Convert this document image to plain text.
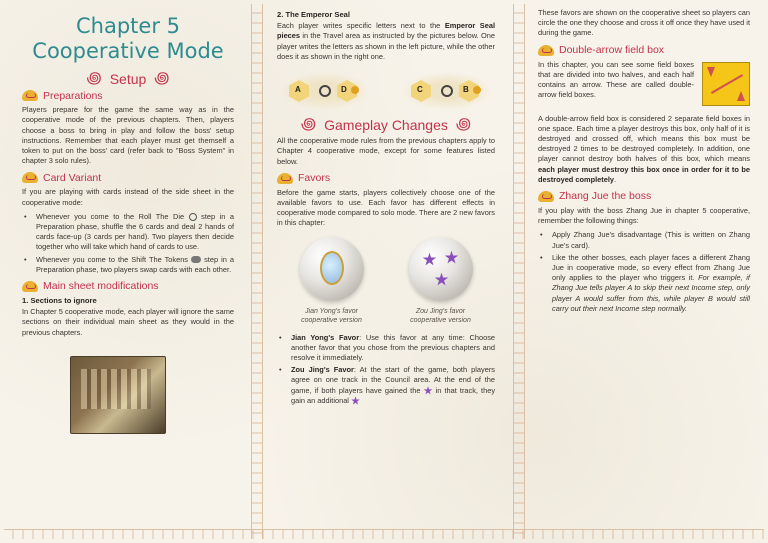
Chapter 5
Cooperative Mode
꩜ Setup ꩜
Preparations

Players prepare for the game the same way as in the cooperative mode of the previous chapters. Then, players choose a boss to bring in play and follow the boss' setup instructions. Remember that each player must get themself a token to put on the boss' card (refer back to "Boss System" in chapter 3 solo rules).

Card Variant

If you are playing with cards instead of the side sheet in the cooperative mode:

• Whenever you come to the Roll The Die step in a Preparation phase, shuffle the 6 cards and deal 2 hands of cards face-up (3 cards per hand). Two players then decide together who will take which hand of cards to use.
• Whenever you come to the Shift The Tokens step in a Preparation phase, two players swap cards with each other.
Main sheet modifications
1. Sections to ignore

In Chapter 5 cooperative mode, each player will ignore the same sections on their individual main sheet as they would in the previous chapters.

2. The Emperor Seal

Each player writes specific letters next to the Emperor Seal pieces in the Travel area as instructed by the pictures below. One player writes the letters as shown in the left picture, while the other does it as shown in the right one.

A	D	C	B
꩜ Gameplay Changes ꩜

All the cooperative mode rules from the previous chapters apply to Chapter 4 cooperative mode, except for some features listed below.

Favors

Before the game starts, players collectively choose one of the available favors to use. Each favor has different effects in cooperative mode compared to solo mode. There are 2 new favors in this chapter:

Jian Yong's favor
cooperative version
Zou Jing's favor
cooperative version
• Jian Yong's Favor: Use this favor at any time: Choose another favor that you chose from the previous chapters and resolve it immediately.
• Zou Jing's Favor: At the start of the game, both players agree on one track in the Council area. At the end of the game, if both players have gained the in that track, they gain an additional

These favors are shown on the cooperative sheet so players can circle the one they choose and cross it off once they have used it during the game.

Double-arrow field box
In this chapter, you can see some field boxes that are divided into two halves, and each half contains an arrow. These are called double-arrow field boxes.

A double-arrow field box is considered 2 separate field boxes in one space. Each time a player destroys this box, only half of it is destroyed and crossed off, which means this box must be destroyed 2 times to be destroyed completely. In addition, one player cannot destroy both halves of this box, which means each player must destroy this box once in order for it to be destroyed completely.

Zhang Jue the boss

If you play with the boss Zhang Jue in chapter 5 cooperative, remember the following things:

• Apply Zhang Jue's disadvantage (This is written on Zhang Jue's card).
• Like the other bosses, each player faces a different Zhang Jue in cooperative mode, so every effect from Zhang Jue only applies to the player who triggers it. For example, if Zhang Jue tells player A to skip their next Income step, only player A would suffer from this, while player B would still carry out their next Income step normally.
